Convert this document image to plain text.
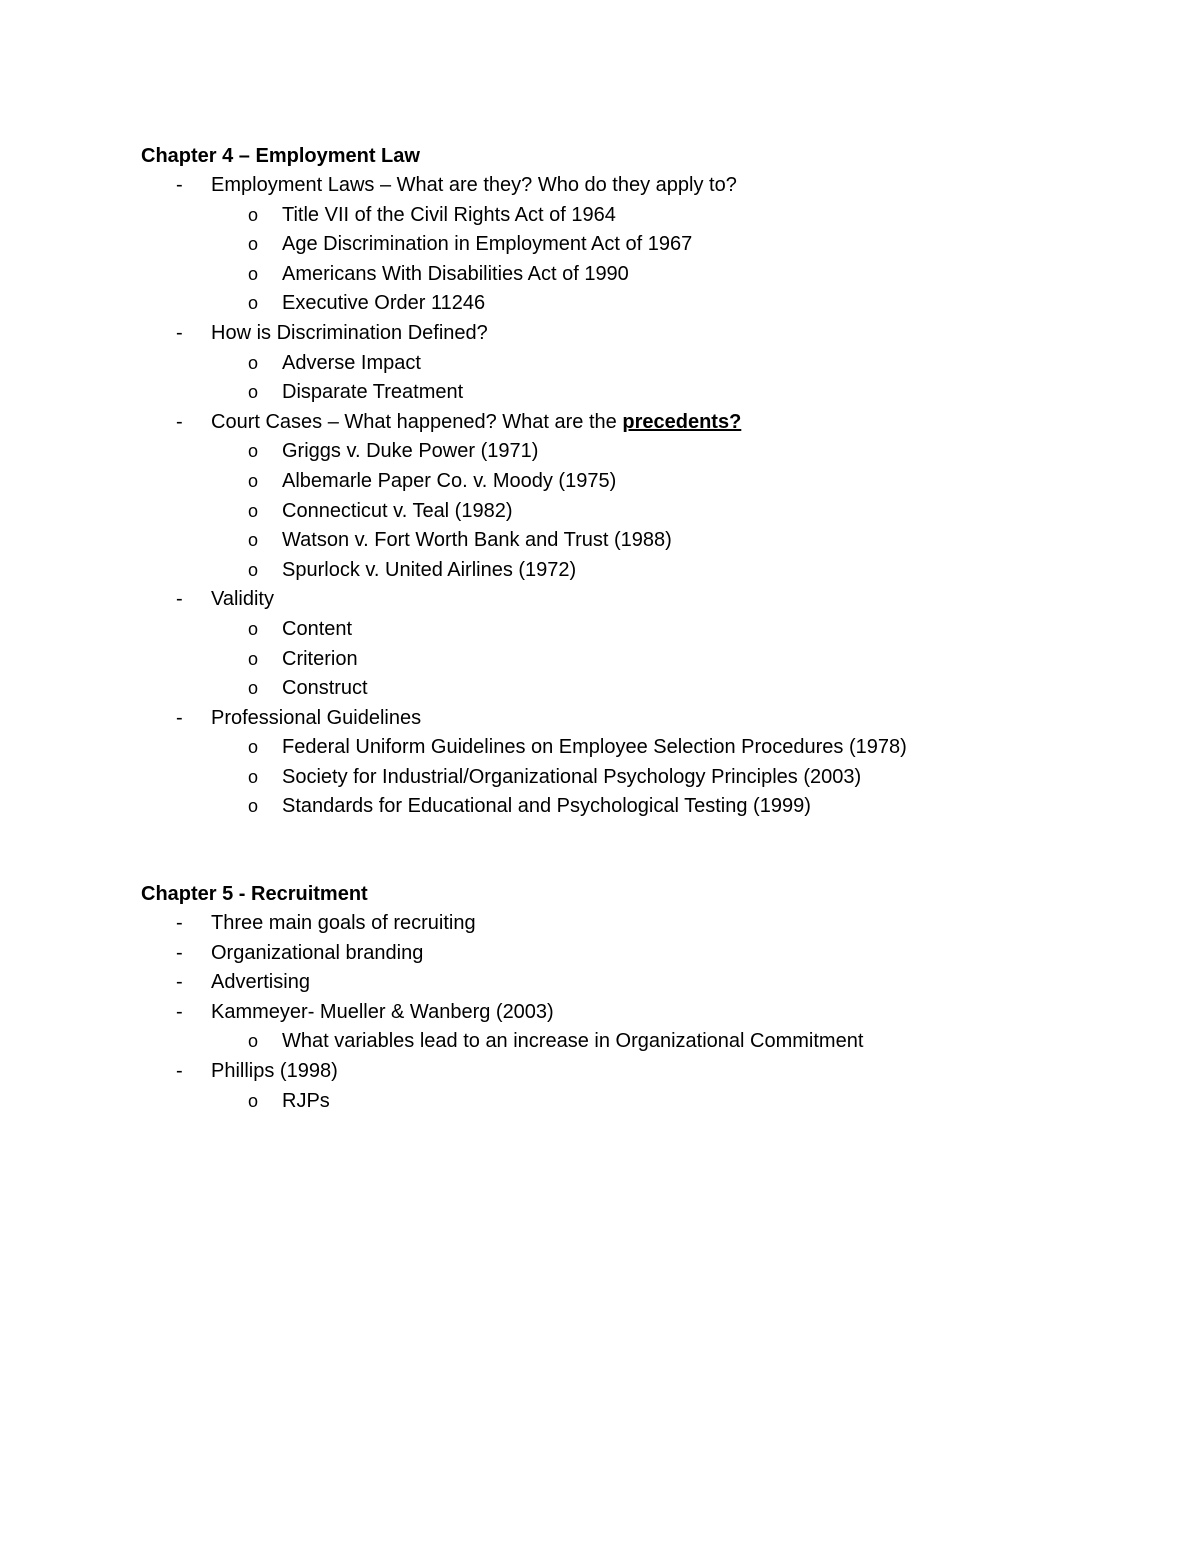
Chapter 4 – Employment Law
- Employment Laws – What are they? Who do they apply to?
o Title VII of the Civil Rights Act of 1964
o Age Discrimination in Employment Act of 1967
o Americans With Disabilities Act of 1990
o Executive Order 11246
- How is Discrimination Defined?
o Adverse Impact
o Disparate Treatment
- Court Cases – What happened? What are the precedents?
o Griggs v. Duke Power (1971)
o Albemarle Paper Co. v. Moody (1975)
o Connecticut v. Teal (1982)
o Watson v. Fort Worth Bank and Trust (1988)
o Spurlock v. United Airlines (1972)
- Validity
o Content
o Criterion
o Construct
- Professional Guidelines
o Federal Uniform Guidelines on Employee Selection Procedures (1978)
o Society for Industrial/Organizational Psychology Principles (2003)
o Standards for Educational and Psychological Testing (1999)
Chapter 5 - Recruitment
- Three main goals of recruiting
- Organizational branding
- Advertising
- Kammeyer- Mueller & Wanberg (2003)
o What variables lead to an increase in Organizational Commitment
- Phillips (1998)
o RJPs
